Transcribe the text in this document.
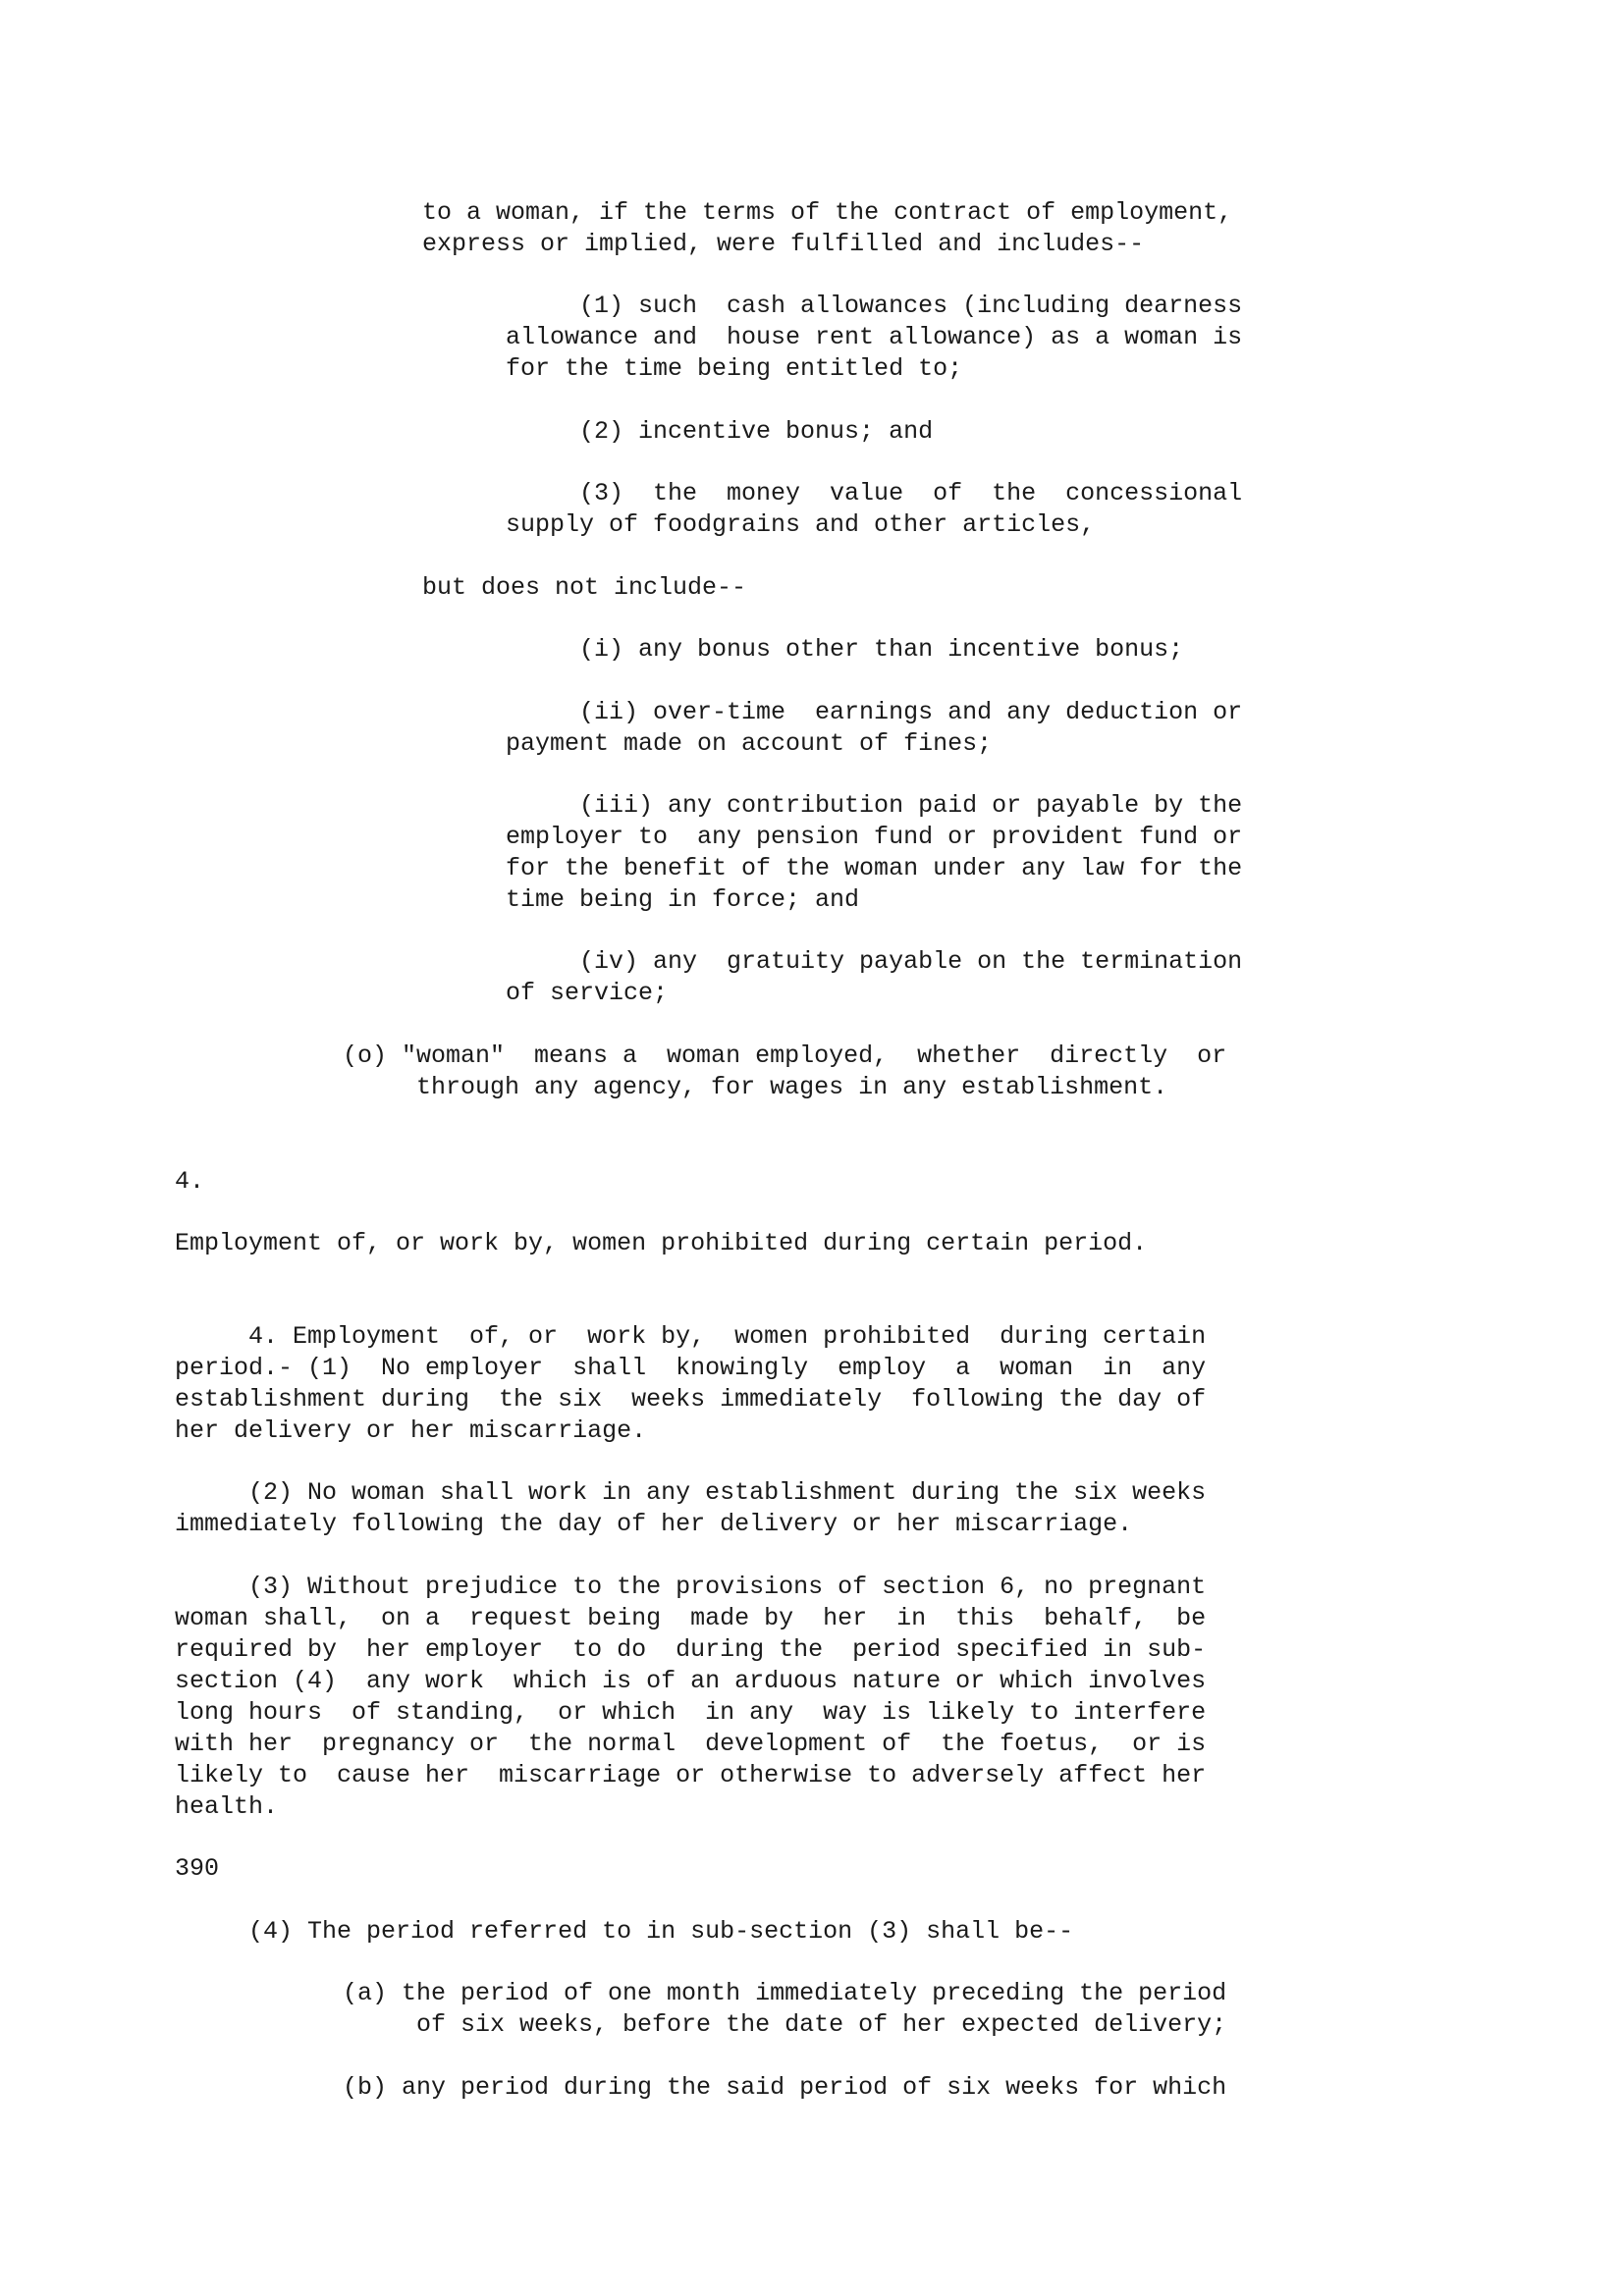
to a woman, if the terms of the contract of employment,
express or implied, were fulfilled and includes--
(1) such  cash allowances (including dearness
allowance and  house rent allowance) as a woman is
for the time being entitled to;
(2) incentive bonus; and
(3)  the  money  value  of  the  concessional
supply of foodgrains and other articles,
but does not include--
(i) any bonus other than incentive bonus;
(ii) over-time  earnings and any deduction or
payment made on account of fines;
(iii) any contribution paid or payable by the
employer to  any pension fund or provident fund or
for the benefit of the woman under any law for the
time being in force; and
(iv) any  gratuity payable on the termination
of service;
(o) "woman"  means a  woman employed,  whether  directly  or
through any agency, for wages in any establishment.
4.
Employment of, or work by, women prohibited during certain period.
4. Employment  of, or  work by,  women prohibited  during certain
period.- (1)  No employer  shall  knowingly  employ  a  woman  in  any
establishment during  the six  weeks immediately  following the day of
her delivery or her miscarriage.
(2) No woman shall work in any establishment during the six weeks
immediately following the day of her delivery or her miscarriage.
(3) Without prejudice to the provisions of section 6, no pregnant
woman shall,  on a  request being  made by  her  in  this  behalf,  be
required by  her employer  to do  during the  period specified in sub-
section (4)  any work  which is of an arduous nature or which involves
long hours  of standing,  or which  in any  way is likely to interfere
with her  pregnancy or  the normal  development of  the foetus,  or is
likely to  cause her  miscarriage or otherwise to adversely affect her
health.
390
(4) The period referred to in sub-section (3) shall be--
(a) the period of one month immediately preceding the period
of six weeks, before the date of her expected delivery;
(b) any period during the said period of six weeks for which
